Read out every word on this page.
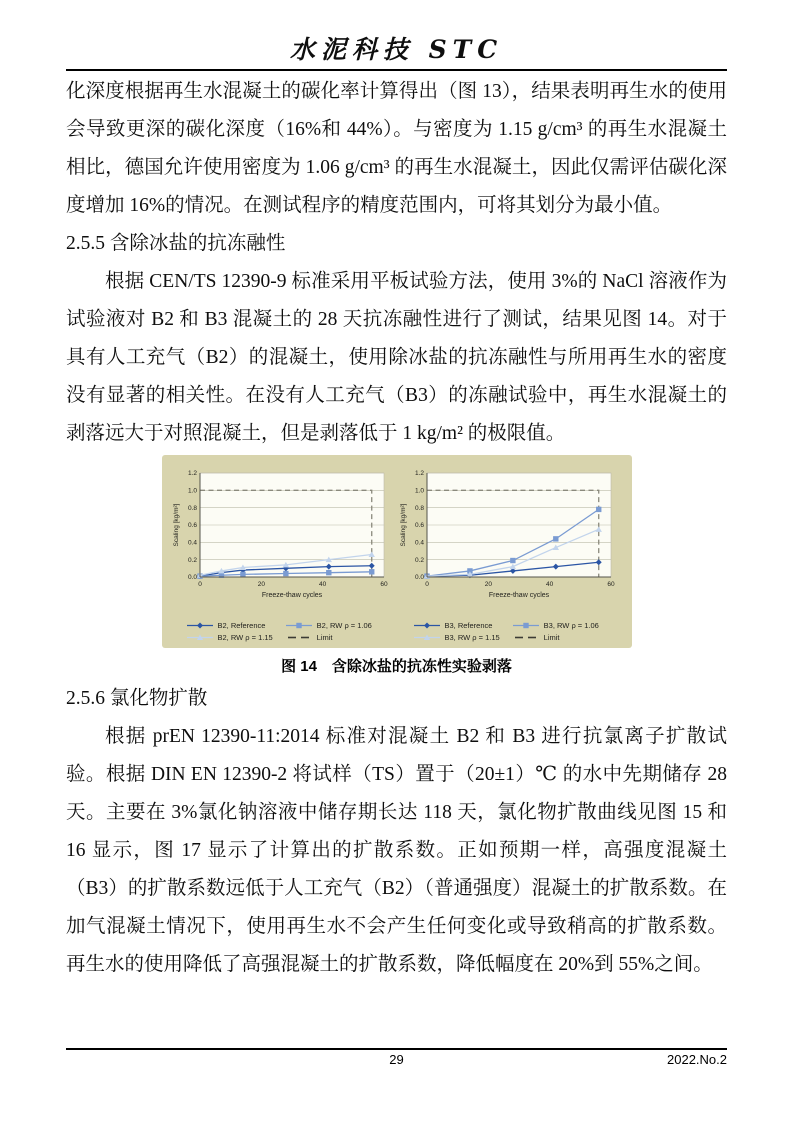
水泥科技 STC

化深度根据再生水混凝土的碳化率计算得出（图 13），结果表明再生水的使用会导致更深的碳化深度（16%和 44%）。与密度为 1.15 g/cm³ 的再生水混凝土相比，德国允许使用密度为 1.06 g/cm³ 的再生水混凝土，因此仅需评估碳化深度增加 16%的情况。在测试程序的精度范围内，可将其划分为最小值。

2.5.5 含除冰盐的抗冻融性

根据 CEN/TS 12390-9 标准采用平板试验方法，使用 3%的 NaCl 溶液作为试验液对 B2 和 B3 混凝土的 28 天抗冻融性进行了测试，结果见图 14。对于具有人工充气（B2）的混凝土，使用除冰盐的抗冻融性与所用再生水的密度没有显著的相关性。在没有人工充气（B3）的冻融试验中，再生水混凝土的剥落远大于对照混凝土，但是剥落低于 1 kg/m² 的极限值。

0.0
0.2
0.4
0.6
0.8
1.0
1.2
0	20	40	60
Freeze-thaw cycles
Scaling [kg/m²]
B2, Reference	B2, RW ρ = 1.06
B2, RW ρ = 1.15	Limit
0.0
0.2
0.4
0.6
0.8
1.0
1.2
0	20	40	60
Freeze-thaw cycles
Scaling [kg/m²]
B3, Reference	B3, RW ρ = 1.06
B3, RW ρ = 1.15	Limit
图 14　含除冰盐的抗冻性实验剥落
2.5.6 氯化物扩散

根据 prEN 12390-11:2014 标准对混凝土 B2 和 B3 进行抗氯离子扩散试验。根据 DIN EN 12390-2 将试样（TS）置于（20±1）℃ 的水中先期储存 28 天。主要在 3%氯化钠溶液中储存期长达 118 天，氯化物扩散曲线见图 15 和 16 显示，图 17 显示了计算出的扩散系数。正如预期一样，高强度混凝土（B3）的扩散系数远低于人工充气（B2）（普通强度）混凝土的扩散系数。在加气混凝土情况下，使用再生水不会产生任何变化或导致稍高的扩散系数。再生水的使用降低了高强混凝土的扩散系数，降低幅度在 20%到 55%之间。

29	2022.No.2
